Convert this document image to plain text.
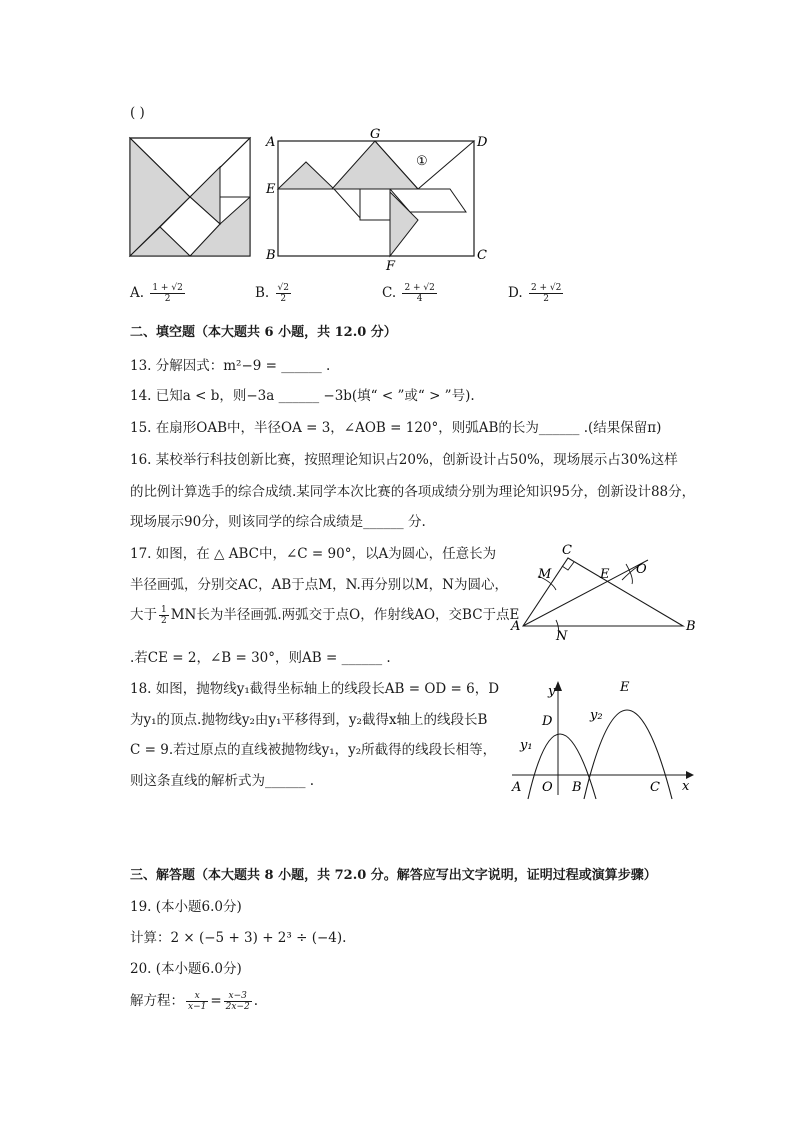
( )
A
B	C
D
E
F
G
①
A. $\frac{1 + √2}{2}$	B. $\frac{√2}{2}$	C. $\frac{2 + √2}{4}$	D. $\frac{2 + √2}{2}$
二、填空题（本大题共 6 小题，共 12.0 分）
13. 分解因式：m²−9 = ______ .
14. 已知a < b，则−3a ______ −3b(填“ < ”或“ > ”号).
15. 在扇形OAB中，半径OA = 3，∠AOB = 120°，则弧AB的长为______ .(结果保留π)
16. 某校举行科技创新比赛，按照理论知识占20%，创新设计占50%，现场展示占30%这样
的比例计算选手的综合成绩.某同学本次比赛的各项成绩分别为理论知识95分，创新设计88分，
现场展示90分，则该同学的综合成绩是______ 分.
17. 如图，在 △ ABC中，∠C = 90°，以A为圆心，任意长为
半径画弧，分别交AC，AB于点M，N.再分别以M，N为圆心，
大于 $\frac{1}{2}$ MN长为半径画弧.两弧交于点O，作射线AO，交BC于点E
.若CE = 2，∠B = 30°，则AB = ______ .
A	B
C
M
N
E O
18. 如图，抛物线y₁截得坐标轴上的线段长AB = OD = 6，D
为y₁的顶点.抛物线y₂由y₁平移得到，y₂截得x轴上的线段长B
C = 9.若过原点的直线被抛物线y₁，y₂所截得的线段长相等，
则这条直线的解析式为______ .
y
x
D
E
y₁
y₂
A O B	C
三、解答题（本大题共 8 小题，共 72.0 分。解答应写出文字说明，证明过程或演算步骤）
19. (本小题6.0分)
计算：2 × (−5 + 3) + 2³ ÷ (−4).
20. (本小题6.0分)
解方程： $\frac{x}{x-1} = \frac{x-3}{2x-2}$ .
